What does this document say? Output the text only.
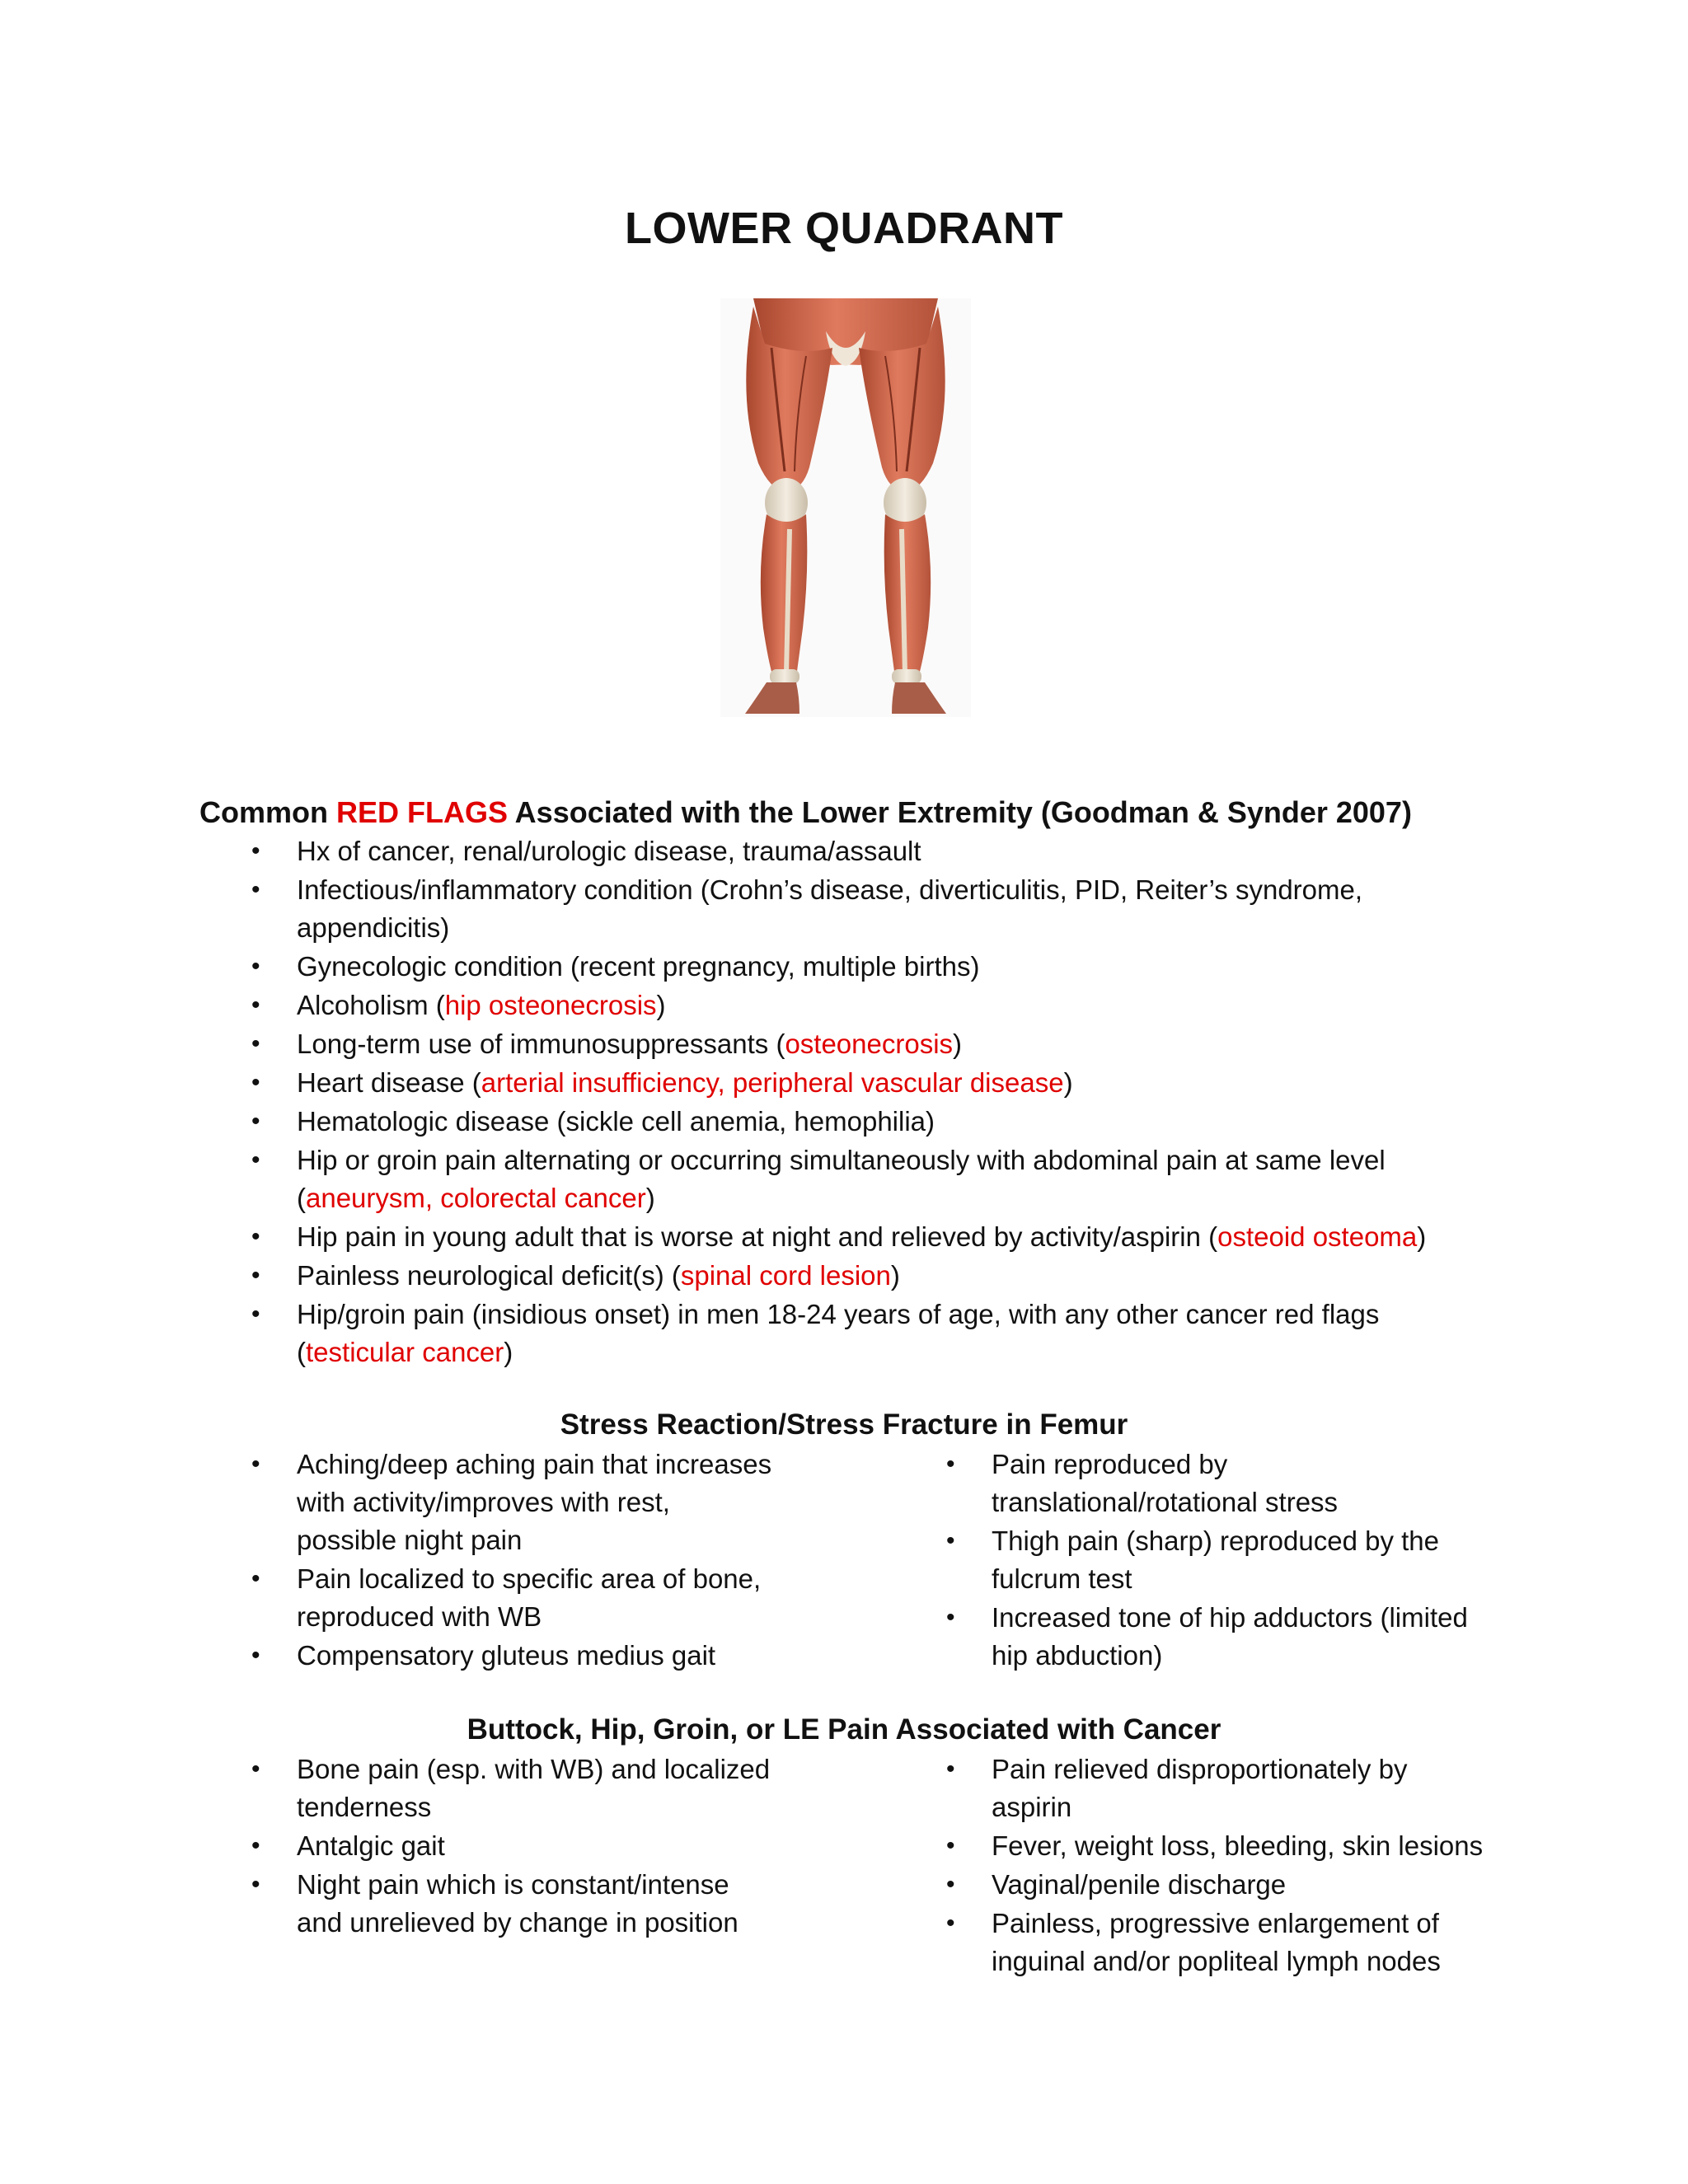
LOWER QUADRANT
Common RED FLAGS Associated with the Lower Extremity (Goodman & Synder 2007)
• Hx of cancer, renal/urologic disease, trauma/assault
• Infectious/inflammatory condition (Crohn’s disease, diverticulitis, PID, Reiter’s syndrome,
appendicitis)
• Gynecologic condition (recent pregnancy, multiple births)
• Alcoholism (hip osteonecrosis)
• Long-term use of immunosuppressants (osteonecrosis)
• Heart disease (arterial insufficiency, peripheral vascular disease)
• Hematologic disease (sickle cell anemia, hemophilia)
• Hip or groin pain alternating or occurring simultaneously with abdominal pain at same level
(aneurysm, colorectal cancer)
• Hip pain in young adult that is worse at night and relieved by activity/aspirin (osteoid osteoma)
• Painless neurological deficit(s) (spinal cord lesion)
• Hip/groin pain (insidious onset) in men 18-24 years of age, with any other cancer red flags
(testicular cancer)
Stress Reaction/Stress Fracture in Femur
• Aching/deep aching pain that increases
with activity/improves with rest,
possible night pain
• Pain localized to specific area of bone,
reproduced with WB
• Compensatory gluteus medius gait
• Pain reproduced by
translational/rotational stress
• Thigh pain (sharp) reproduced by the
fulcrum test
• Increased tone of hip adductors (limited
hip abduction)
Buttock, Hip, Groin, or LE Pain Associated with Cancer
• Bone pain (esp. with WB) and localized
tenderness
• Antalgic gait
• Night pain which is constant/intense
and unrelieved by change in position
• Pain relieved disproportionately by
aspirin
• Fever, weight loss, bleeding, skin lesions
• Vaginal/penile discharge
• Painless, progressive enlargement of
inguinal and/or popliteal lymph nodes
